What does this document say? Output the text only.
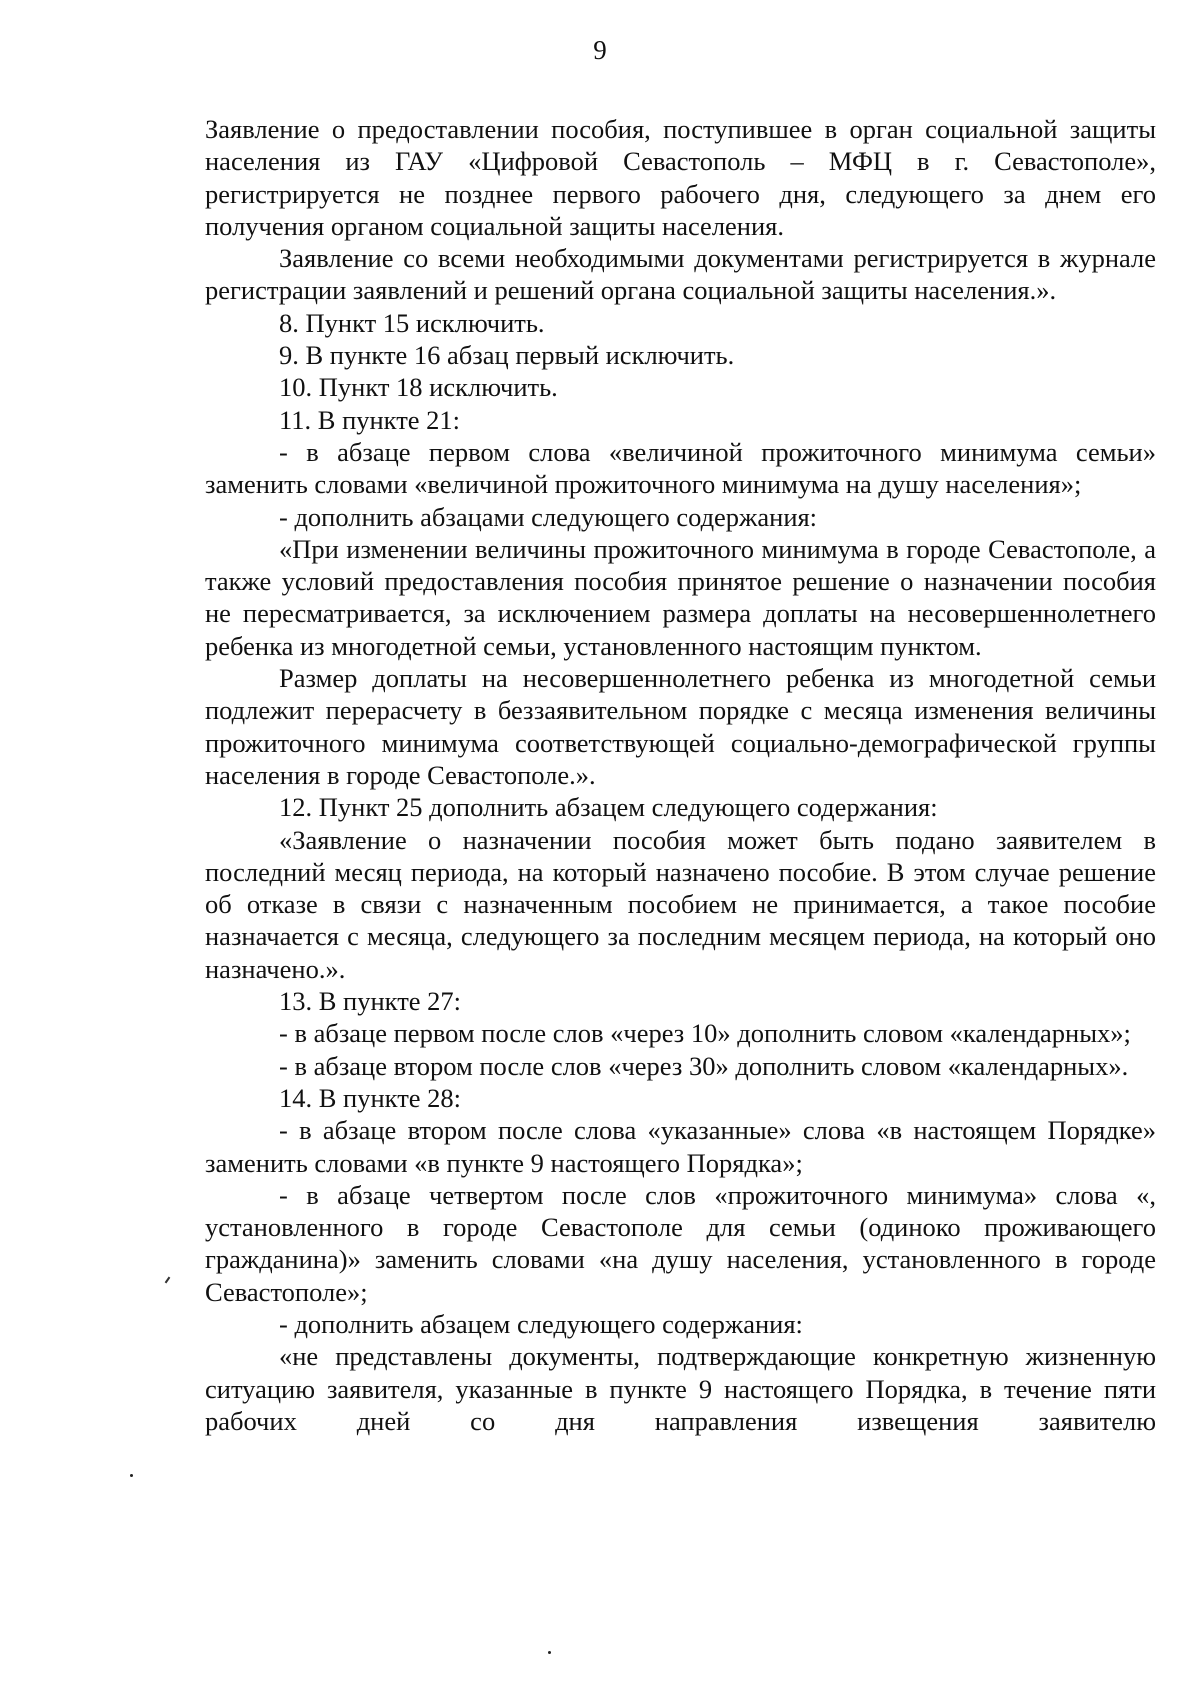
9

Заявление о предоставлении пособия, поступившее в орган социальной защиты населения из ГАУ «Цифровой Севастополь – МФЦ в г. Севастополе», регистрируется не позднее первого рабочего дня, следующего за днем его получения органом социальной защиты населения.

Заявление со всеми необходимыми документами регистрируется в журнале регистрации заявлений и решений органа социальной защиты населения.».

8. Пункт 15 исключить.

9. В пункте 16 абзац первый исключить.

10. Пункт 18 исключить.

11. В пункте 21:

- в абзаце первом слова «величиной прожиточного минимума семьи» заменить словами «величиной прожиточного минимума на душу населения»;

- дополнить абзацами следующего содержания:

«При изменении величины прожиточного минимума в городе Севастополе, а также условий предоставления пособия принятое решение о назначении пособия не пересматривается, за исключением размера доплаты на несовершеннолетнего ребенка из многодетной семьи, установленного настоящим пунктом.

Размер доплаты на несовершеннолетнего ребенка из многодетной семьи подлежит перерасчету в беззаявительном порядке с месяца изменения величины прожиточного минимума соответствующей социально-демографической группы населения в городе Севастополе.».

12. Пункт 25 дополнить абзацем следующего содержания:

«Заявление о назначении пособия может быть подано заявителем в последний месяц периода, на который назначено пособие. В этом случае решение об отказе в связи с назначенным пособием не принимается, а такое пособие назначается с месяца, следующего за последним месяцем периода, на который оно назначено.».

13. В пункте 27:

- в абзаце первом после слов «через 10» дополнить словом «календарных»;

- в абзаце втором после слов «через 30» дополнить словом «календарных».

14. В пункте 28:

- в абзаце втором после слова «указанные» слова «в настоящем Порядке» заменить словами «в пункте 9 настоящего Порядка»;

- в абзаце четвертом после слов «прожиточного минимума» слова «, установленного в городе Севастополе для семьи (одиноко проживающего гражданина)» заменить словами «на душу населения, установленного в городе Севастополе»;

- дополнить абзацем следующего содержания:

«не представлены документы, подтверждающие конкретную жизненную ситуацию заявителя, указанные в пункте 9 настоящего Порядка, в течение пяти рабочих дней со дня направления извещения заявителю
